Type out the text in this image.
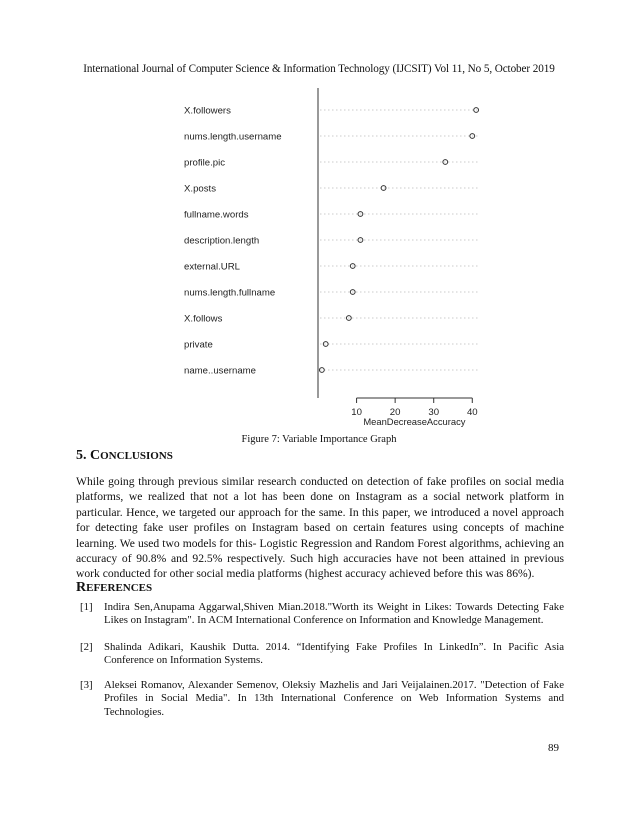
International Journal of Computer Science & Information Technology (IJCSIT) Vol 11, No 5, October 2019
X.followers
nums.length.username
profile.pic
X.posts
fullname.words
description.length
external.URL
nums.length.fullname
X.follows
private
name..username
10	20	30	40
MeanDecreaseAccuracy
Figure 7: Variable Importance Graph
5. CONCLUSIONS
While going through previous similar research conducted on detection of fake profiles on social media platforms, we realized that not a lot has been done on Instagram as a social network platform in particular. Hence, we targeted our approach for the same. In this paper, we introduced a novel approach for detecting fake user profiles on Instagram based on certain features using concepts of machine learning. We used two models for this- Logistic Regression and Random Forest algorithms, achieving an accuracy of 90.8% and 92.5% respectively. Such high accuracies have not been attained in previous work conducted for other social media platforms (highest accuracy achieved before this was 86%).
REFERENCES
[1]	Indira Sen,Anupama Aggarwal,Shiven Mian.2018."Worth its Weight in Likes: Towards Detecting Fake Likes on Instagram". In ACM International Conference on Information and Knowledge Management.
[2]	Shalinda Adikari, Kaushik Dutta. 2014. “Identifying Fake Profiles In LinkedIn”. In Pacific Asia Conference on Information Systems.
[3]	Aleksei Romanov, Alexander Semenov, Oleksiy Mazhelis and Jari Veijalainen.2017. "Detection of Fake Profiles in Social Media". In 13th International Conference on Web Information Systems and Technologies.
89
